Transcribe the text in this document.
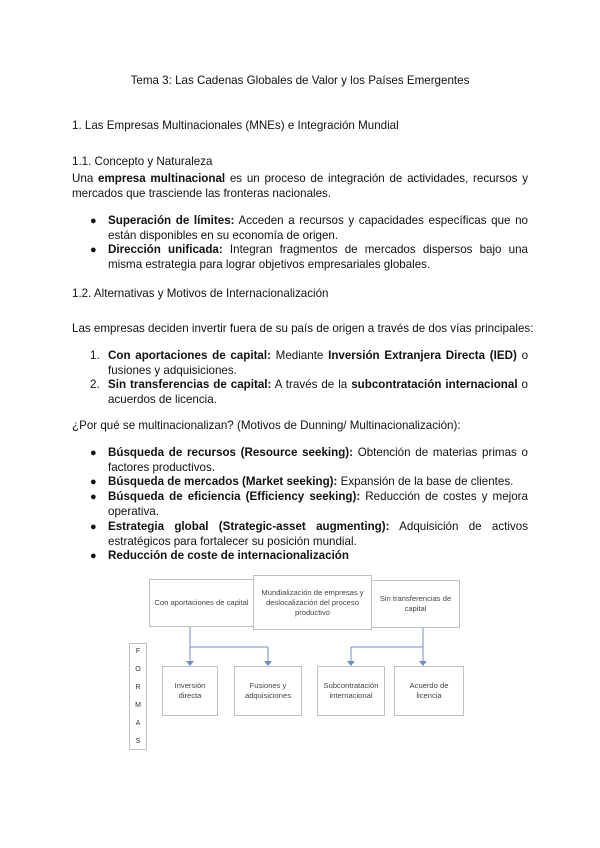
Tema 3: Las Cadenas Globales de Valor y los Países Emergentes
1. Las Empresas Multinacionales (MNEs) e Integración Mundial
1.1. Concepto y Naturaleza
Una empresa multinacional es un proceso de integración de actividades, recursos y mercados que trasciende las fronteras nacionales.
● Superación de límites: Acceden a recursos y capacidades específicas que no están disponibles en su economía de origen.
● Dirección unificada: Integran fragmentos de mercados dispersos bajo una misma estrategia para lograr objetivos empresariales globales.
1.2. Alternativas y Motivos de Internacionalización
Las empresas deciden invertir fuera de su país de origen a través de dos vías principales:
1. Con aportaciones de capital: Mediante Inversión Extranjera Directa (IED) o fusiones y adquisiciones.
2. Sin transferencias de capital: A través de la subcontratación internacional o acuerdos de licencia.
¿Por qué se multinacionalizan? (Motivos de Dunning/ Multinacionalización):
● Búsqueda de recursos (Resource seeking): Obtención de materias primas o factores productivos.
● Búsqueda de mercados (Market seeking): Expansión de la base de clientes.
● Búsqueda de eficiencia (Efficiency seeking): Reducción de costes y mejora operativa.
● Estrategia global (Strategic-asset augmenting): Adquisición de activos estratégicos para fortalecer su posición mundial.
● Reducción de coste de internacionalización
Con aportaciones de capital
Mundialización de empresas y deslocalización del proceso productivo
Sin transferencias de capital
Inversión directa
Fusiones y adquisiciones
Subcontratación internacional
Acuerdo de licencia
F
O
R
M
A
S
